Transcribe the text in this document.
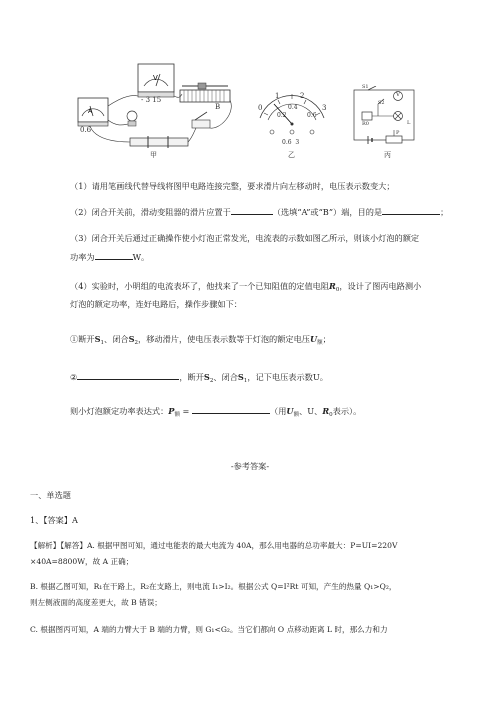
V
A
- 3 15
0.6
B
甲
0
1	2
3
0.2
0.4
0.6
0.6  3
乙
S1
V
S2
R0	L
P
丙
（1）请用笔画线代替导线将图甲电路连接完整，要求滑片向左移动时，电压表示数变大；
（2）闭合开关前，滑动变阻器的滑片应置于	（选填“A”或“B”）端，目的是	；
（3）闭合开关后通过正确操作使小灯泡正常发光，电流表的示数如图乙所示，则该小灯泡的额定
功率为	W。
（4）实验时，小明组的电流表坏了，他找来了一个已知阻值的定值电阻$R_0$，设计了图丙电路测小
灯泡的额定功率，连好电路后，操作步骤如下：
①断开$S_1$、闭合$S_2$，移动滑片，使电压表示数等于灯泡的额定电压$U_额$；
②	，断开$S_2$、闭合$S_1$，记下电压表示数U。
则小灯泡额定功率表达式：$P_额$ =	（用$U_额$、U、$R_0$表示）。
-参考答案-
一、单选题
1、【答案】A
【解析】【解答】A. 根据甲图可知，通过电能表的最大电流为 40A，那么用电器的总功率最大：P=UI=220V
×40A=8800W，故 A 正确；
B. 根据乙图可知，R₁在干路上，R₂在支路上，则电流 I₁>I₂。根据公式 Q=I²Rt 可知，产生的热量 Q₁>Q₂，
则左侧液面的高度差更大，故 B 错误；
C. 根据图丙可知，A 端的力臂大于 B 端的力臂，则 G₁<G₂。当它们都向 O 点移动距离 L 时，那么力和力
